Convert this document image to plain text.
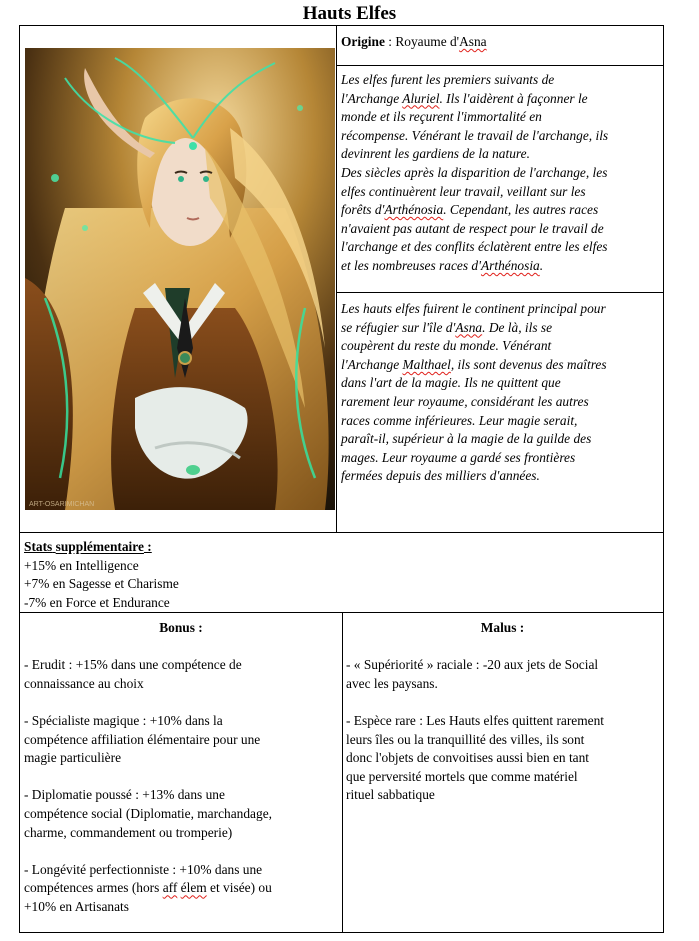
Hauts Elfes
ART-OSARIMICHAN
Origine : Royaume d'Asna
Les elfes furent les premiers suivants de
l'Archange Aluriel. Ils l'aidèrent à façonner le
monde et ils reçurent l'immortalité en
récompense. Vénérant le travail de l'archange, ils
devinrent les gardiens de la nature.
Des siècles après la disparition de l'archange, les
elfes continuèrent leur travail, veillant sur les
forêts d'Arthénosia. Cependant, les autres races
n'avaient pas autant de respect pour le travail de
l'archange et des conflits éclatèrent entre les elfes
et les nombreuses races d'Arthénosia.
Les hauts elfes fuirent le continent principal pour
se réfugier sur l'île d'Asna. De là, ils se
coupèrent du reste du monde. Vénérant
l'Archange Malthael, ils sont devenus des maîtres
dans l'art de la magie. Ils ne quittent que
rarement leur royaume, considérant les autres
races comme inférieures. Leur magie serait,
paraît-il, supérieur à la magie de la guilde des
mages. Leur royaume a gardé ses frontières
fermées depuis des milliers d'années.
Stats supplémentaire :
+15% en Intelligence
+7% en Sagesse et Charisme
-7% en Force et Endurance
Bonus :
- Erudit : +15% dans une compétence de
connaissance au choix
- Spécialiste magique : +10% dans la
compétence affiliation élémentaire pour une
magie particulière
- Diplomatie poussé : +13% dans une
compétence social (Diplomatie, marchandage,
charme, commandement ou tromperie)
- Longévité perfectionniste : +10% dans une
compétences armes (hors aff élem et visée) ou
+10% en Artisanats
Malus :
- « Supériorité » raciale : -20 aux jets de Social
avec les paysans.
- Espèce rare : Les Hauts elfes quittent rarement
leurs îles ou la tranquillité des villes, ils sont
donc l'objets de convoitises aussi bien en tant
que perversité mortels que comme matériel
rituel sabbatique
